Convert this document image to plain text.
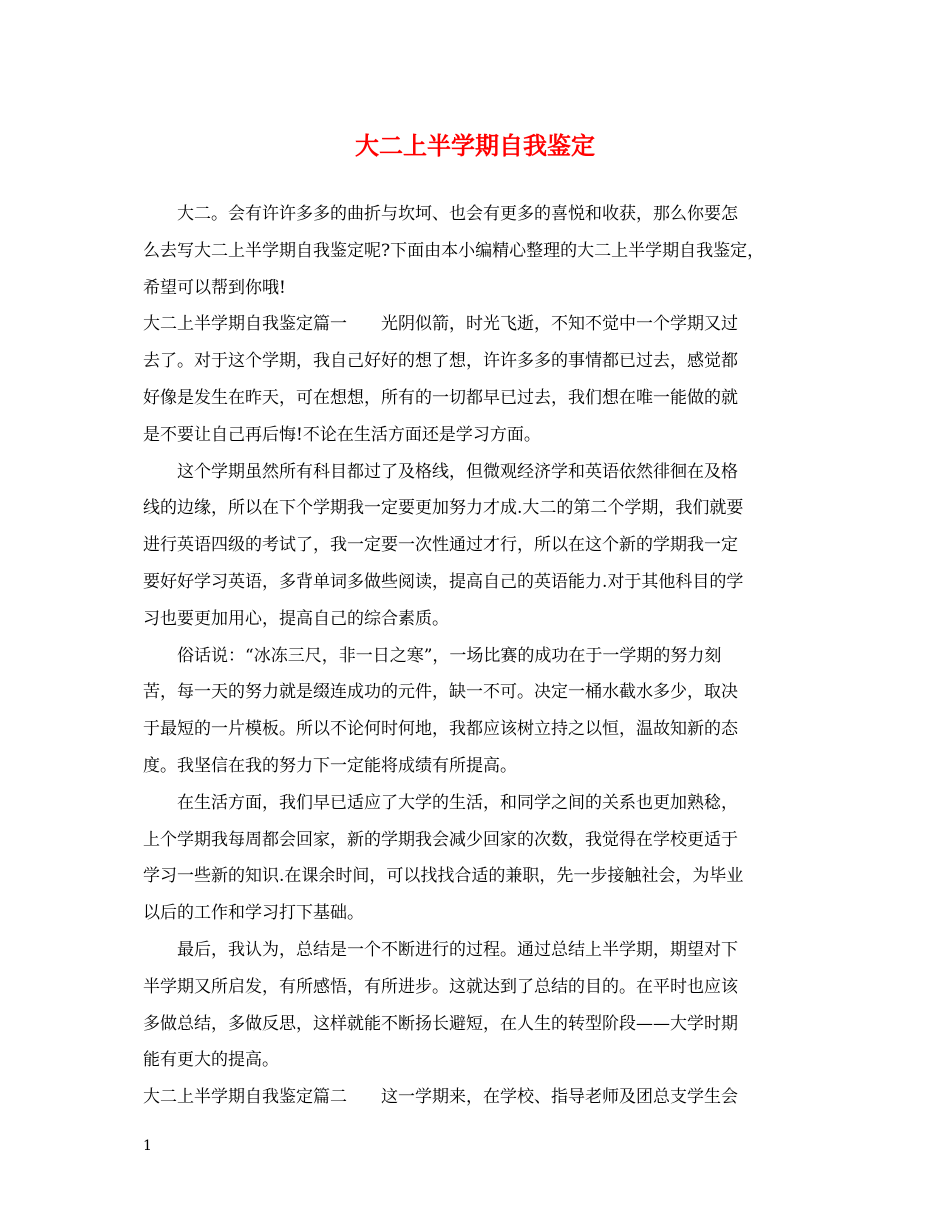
大二上半学期自我鉴定
　　大二。会有许许多多的曲折与坎坷、也会有更多的喜悦和收获，那么你要怎
么去写大二上半学期自我鉴定呢?下面由本小编精心整理的大二上半学期自我鉴定，
希望可以帮到你哦!
大二上半学期自我鉴定篇一　　光阴似箭，时光飞逝，不知不觉中一个学期又过
去了。对于这个学期，我自己好好的想了想，许许多多的事情都已过去，感觉都
好像是发生在昨天，可在想想，所有的一切都早已过去，我们想在唯一能做的就
是不要让自己再后悔!不论在生活方面还是学习方面。
　　这个学期虽然所有科目都过了及格线，但微观经济学和英语依然徘徊在及格
线的边缘，所以在下个学期我一定要更加努力才成.大二的第二个学期，我们就要
进行英语四级的考试了，我一定要一次性通过才行，所以在这个新的学期我一定
要好好学习英语，多背单词多做些阅读，提高自己的英语能力.对于其他科目的学
习也要更加用心，提高自己的综合素质。
　　俗话说：“冰冻三尺，非一日之寒”，一场比赛的成功在于一学期的努力刻
苦，每一天的努力就是缀连成功的元件，缺一不可。决定一桶水截水多少，取决
于最短的一片模板。所以不论何时何地，我都应该树立持之以恒，温故知新的态
度。我坚信在我的努力下一定能将成绩有所提高。
　　在生活方面，我们早已适应了大学的生活，和同学之间的关系也更加熟稔，
上个学期我每周都会回家，新的学期我会减少回家的次数，我觉得在学校更适于
学习一些新的知识.在课余时间，可以找找合适的兼职，先一步接触社会，为毕业
以后的工作和学习打下基础。
　　最后，我认为，总结是一个不断进行的过程。通过总结上半学期，期望对下
半学期又所启发，有所感悟，有所进步。这就达到了总结的目的。在平时也应该
多做总结，多做反思，这样就能不断扬长避短，在人生的转型阶段——大学时期
能有更大的提高。
大二上半学期自我鉴定篇二　　这一学期来，在学校、指导老师及团总支学生会
1
